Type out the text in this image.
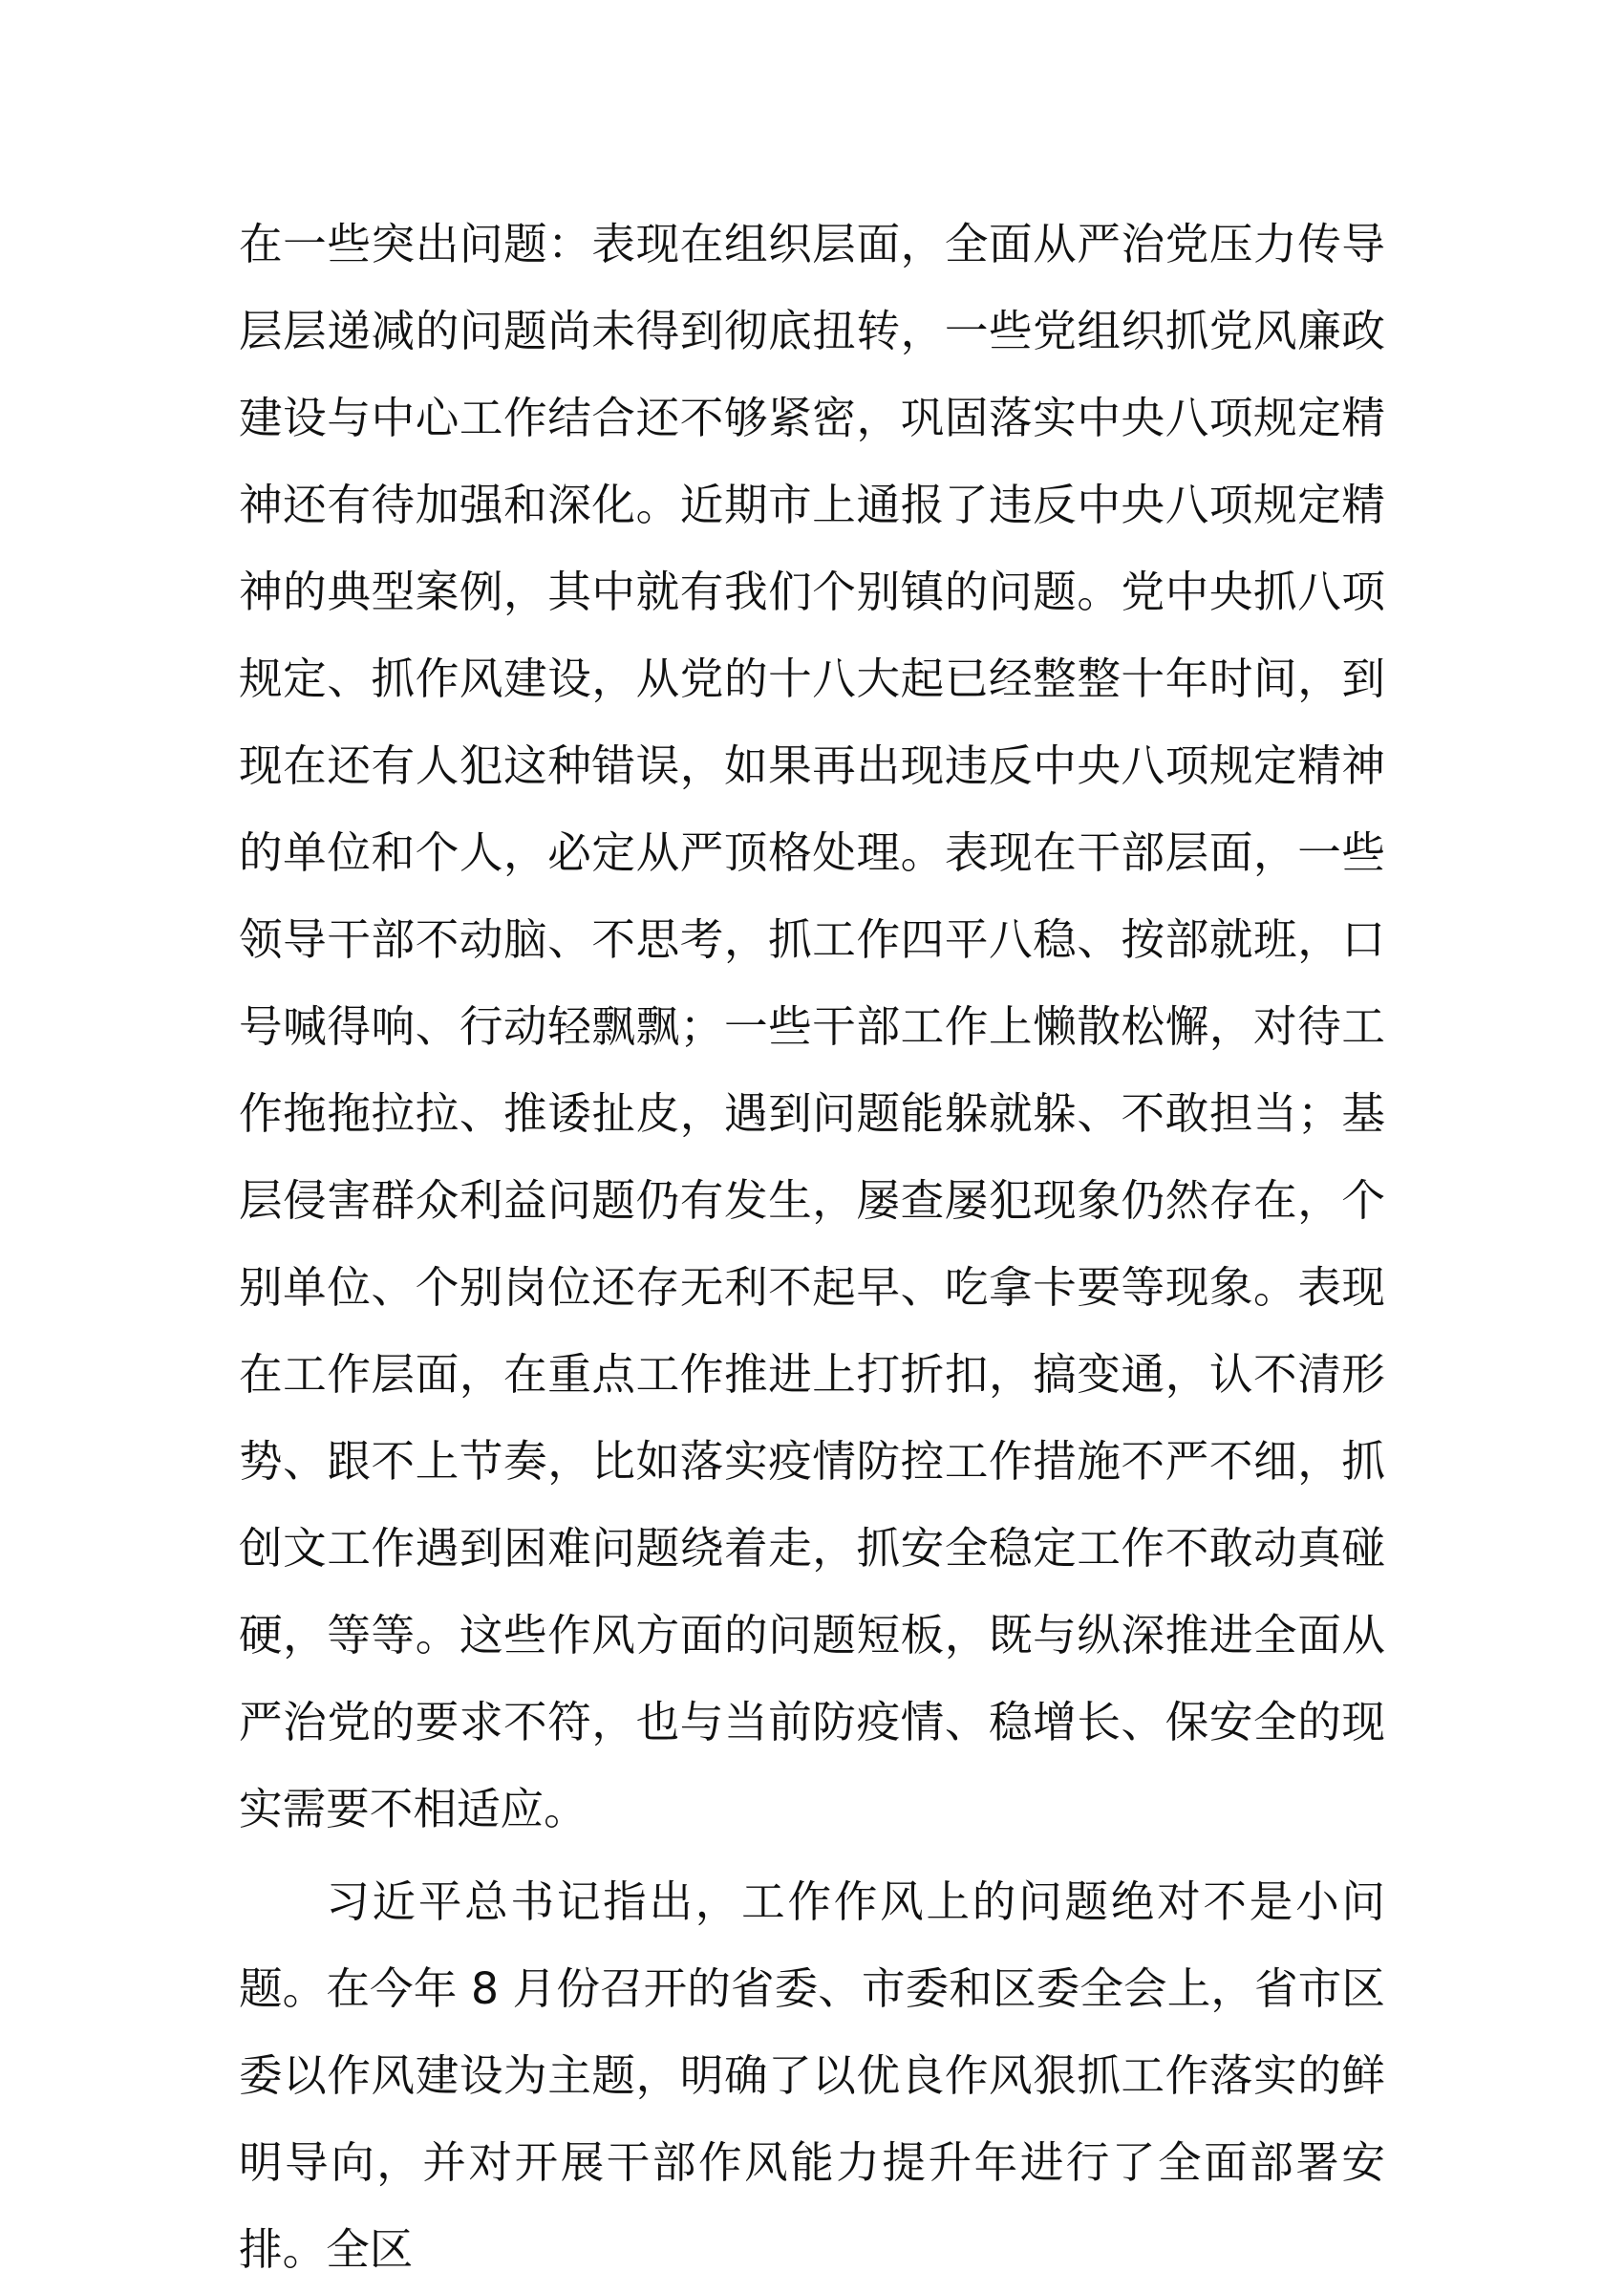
在一些突出问题：表现在组织层面，全面从严治党压力传导层层递减的问题尚未得到彻底扭转，一些党组织抓党风廉政建设与中心工作结合还不够紧密，巩固落实中央八项规定精神还有待加强和深化。近期市上通报了违反中央八项规定精神的典型案例，其中就有我们个别镇的问题。党中央抓八项规定、抓作风建设，从党的十八大起已经整整十年时间，到现在还有人犯这种错误，如果再出现违反中央八项规定精神的单位和个人，必定从严顶格处理。表现在干部层面，一些领导干部不动脑、不思考，抓工作四平八稳、按部就班，口号喊得响、行动轻飘飘；一些干部工作上懒散松懈，对待工作拖拖拉拉、推诿扯皮，遇到问题能躲就躲、不敢担当；基层侵害群众利益问题仍有发生，屡查屡犯现象仍然存在，个别单位、个别岗位还存无利不起早、吃拿卡要等现象。表现在工作层面，在重点工作推进上打折扣，搞变通，认不清形势、跟不上节奏，比如落实疫情防控工作措施不严不细，抓创文工作遇到困难问题绕着走，抓安全稳定工作不敢动真碰硬，等等。这些作风方面的问题短板，既与纵深推进全面从严治党的要求不符，也与当前防疫情、稳增长、保安全的现实需要不相适应。

习近平总书记指出，工作作风上的问题绝对不是小问题。在今年 8 月份召开的省委、市委和区委全会上，省市区委以作风建设为主题，明确了以优良作风狠抓工作落实的鲜明导向，并对开展干部作风能力提升年进行了全面部署安排。全区
